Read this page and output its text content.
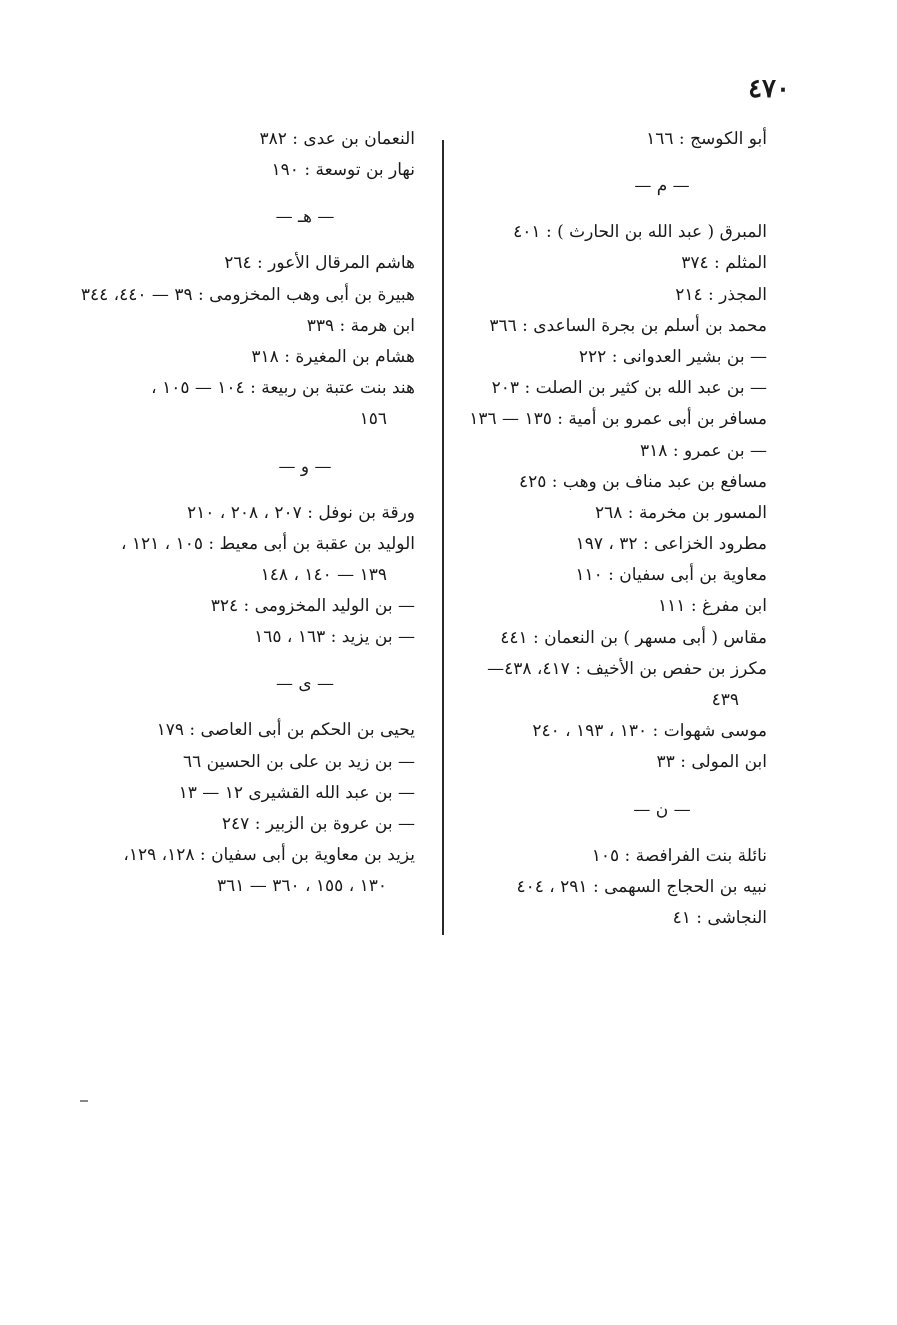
٤٧٠
أبو الكوسج : ١٦٦
— م —
المبرق ( عبد الله بن الحارث ) : ٤٠١
المثلم : ٣٧٤
المجذر : ٢١٤
محمد بن أسلم بن بجرة الساعدى : ٣٦٦
— بن بشير العدوانى : ٢٢٢
— بن عبد الله بن كثير بن الصلت : ٢٠٣
مسافر بن أبى عمرو بن أمية : ١٣٥ — ١٣٦
— بن عمرو : ٣١٨
مسافع بن عبد مناف بن وهب : ٤٢٥
المسور بن مخرمة : ٢٦٨
مطرود الخزاعى : ٣٢ ، ١٩٧
معاوية بن أبى سفيان : ١١٠
ابن مفرغ : ١١١
مقاس ( أبى مسهر ) بن النعمان : ٤٤١
مكرز بن حفص بن الأخيف : ٤١٧، ٤٣٨—
٤٣٩
موسى شهوات : ١٣٠ ، ١٩٣ ، ٢٤٠
ابن المولى : ٣٣
— ن —
نائلة بنت الفرافصة : ١٠٥
نبيه بن الحجاج السهمى : ٢٩١ ، ٤٠٤
النجاشى : ٤١
النعمان بن عدى : ٣٨٢
نهار بن توسعة : ١٩٠
— هـ —
هاشم المرقال الأعور : ٢٦٤
هبيرة بن أبى وهب المخزومى : ٣٩ — ٤٤٠، ٣٤٤
ابن هرمة : ٣٣٩
هشام بن المغيرة : ٣١٨
هند بنت عتبة بن ربيعة : ١٠٤ — ١٠٥ ،
١٥٦
— و —
ورقة بن نوفل : ٢٠٧ ، ٢٠٨ ، ٢١٠
الوليد بن عقبة بن أبى معيط : ١٠٥ ، ١٢١ ،
١٣٩ — ١٤٠ ، ١٤٨
— بن الوليد المخزومى : ٣٢٤
— بن يزيد : ١٦٣ ، ١٦٥
— ى —
يحيى بن الحكم بن أبى العاصى : ١٧٩
— بن زيد بن على بن الحسين ٦٦
— بن عبد الله القشيرى ١٢ — ١٣
— بن عروة بن الزبير : ٢٤٧
يزيد بن معاوية بن أبى سفيان : ١٢٨، ١٢٩،
١٣٠ ، ١٥٥ ، ٣٦٠ — ٣٦١
